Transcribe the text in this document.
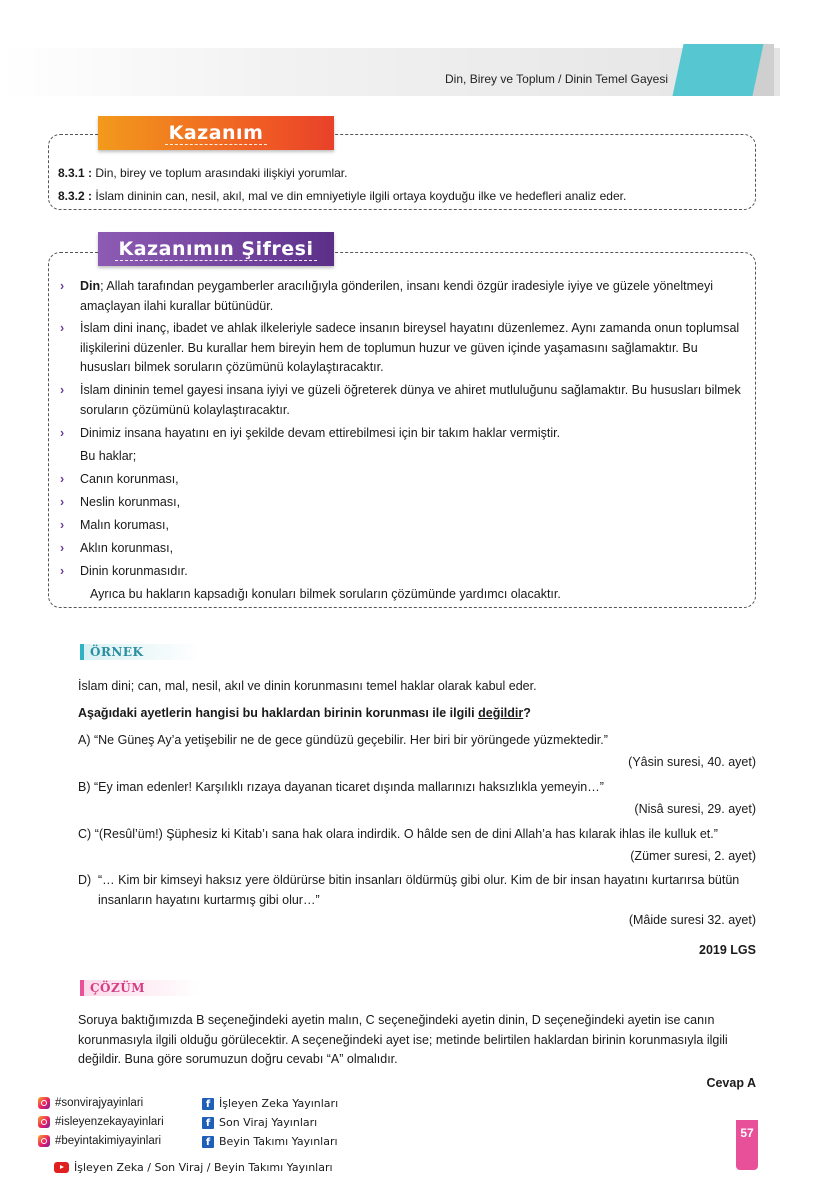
Din, Birey ve Toplum / Dinin Temel Gayesi
Kazanım
8.3.1 : Din, birey ve toplum arasındaki ilişkiyi yorumlar.
8.3.2 : İslam dininin can, nesil, akıl, mal ve din emniyetiyle ilgili ortaya koyduğu ilke ve hedefleri analiz eder.
Kazanımın Şifresi
› Din; Allah tarafından peygamberler aracılığıyla gönderilen, insanı kendi özgür iradesiyle iyiye ve güzele yöneltmeyi amaçlayan ilahi kurallar bütünüdür.
› İslam dini inanç, ibadet ve ahlak ilkeleriyle sadece insanın bireysel hayatını düzenlemez. Aynı zamanda onun toplumsal ilişkilerini düzenler. Bu kurallar hem bireyin hem de toplumun huzur ve güven içinde yaşamasını sağlamaktır. Bu hususları bilmek soruların çözümünü kolaylaştıracaktır.
› İslam dininin temel gayesi insana iyiyi ve güzeli öğreterek dünya ve ahiret mutluluğunu sağlamaktır. Bu hususları bilmek soruların çözümünü kolaylaştıracaktır.
› Dinimiz insana hayatını en iyi şekilde devam ettirebilmesi için bir takım haklar vermiştir.
Bu haklar;
› Canın korunması,
› Neslin korunması,
› Malın koruması,
› Aklın korunması,
› Dinin korunmasıdır.
Ayrıca bu hakların kapsadığı konuları bilmek soruların çözümünde yardımcı olacaktır.
ÖRNEK
İslam dini; can, mal, nesil, akıl ve dinin korunmasını temel haklar olarak kabul eder.
Aşağıdaki ayetlerin hangisi bu haklardan birinin korunması ile ilgili değildir?
A) “Ne Güneş Ay’a yetişebilir ne de gece gündüzü geçebilir. Her biri bir yörüngede yüzmektedir.”
(Yâsin suresi, 40. ayet)
B) “Ey iman edenler! Karşılıklı rızaya dayanan ticaret dışında mallarınızı haksızlıkla yemeyin…”
(Nisâ suresi, 29. ayet)
C) “(Resûl’üm!) Şüphesiz ki Kitab’ı sana hak olara indirdik. O hâlde sen de dini Allah’a has kılarak ihlas ile kulluk et.”
(Zümer suresi, 2. ayet)
D) “… Kim bir kimseyi haksız yere öldürürse bitin insanları öldürmüş gibi olur. Kim de bir insan hayatını kurtarırsa bütün insanların hayatını kurtarmış gibi olur…”
(Mâide suresi 32. ayet)
2019 LGS
ÇÖZÜM
Soruya baktığımızda B seçeneğindeki ayetin malın, C seçeneğindeki ayetin dinin, D seçeneğindeki ayetin ise canın korunmasıyla ilgili olduğu görülecektir. A seçeneğindeki ayet ise; metinde belirtilen haklardan birinin korunmasıyla ilgili değildir. Buna göre sorumuzun doğru cevabı “A” olmalıdır.
Cevap A
#sonvirajyayinlari
#isleyenzekayayinlari
#beyintakimiyayinlari
f İşleyen Zeka Yayınları
f Son Viraj Yayınları
f Beyin Takımı Yayınları
İşleyen Zeka / Son Viraj / Beyin Takımı Yayınları
57
